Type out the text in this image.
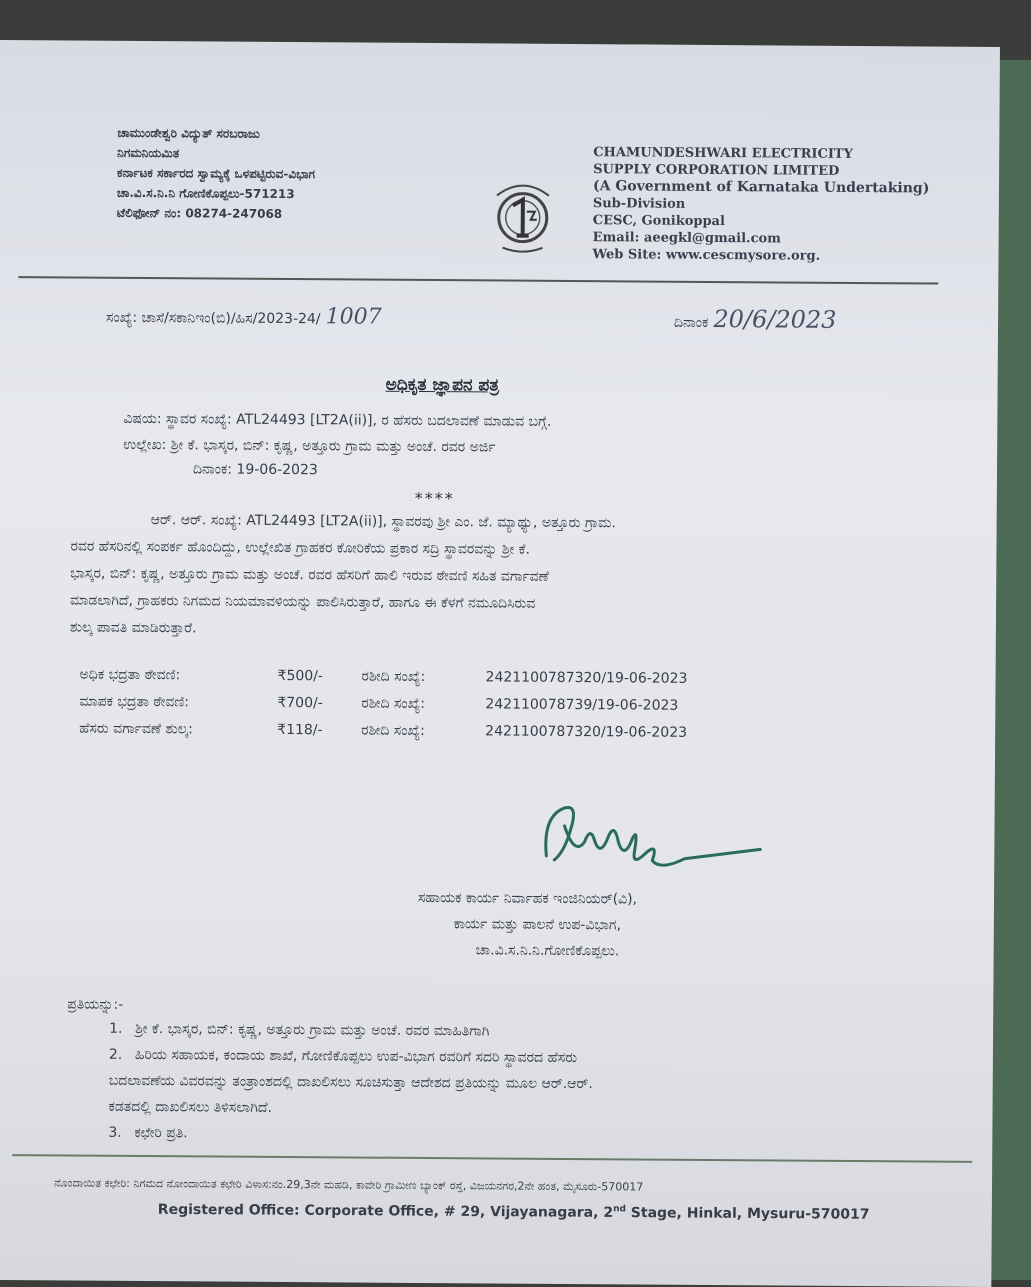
ಚಾಮುಂಡೇಶ್ವರಿ ವಿದ್ಯುತ್ ಸರಬರಾಜು
ನಿಗಮನಿಯಮಿತ
ಕರ್ನಾಟಕ ಸರ್ಕಾರದ ಸ್ವಾಮ್ಯಕ್ಕೆ ಒಳಪಟ್ಟಿರುವ-ವಿಭಾಗ
ಚಾ.ವಿ.ಸ.ನಿ.ನಿ ಗೋಣಿಕೊಪ್ಪಲು-571213
ಟೆಲಿಫೋನ್ ನಂ: 08274-247068
CHAMUNDESHWARI ELECTRICITY
SUPPLY CORPORATION LIMITED
(A Government of Karnataka Undertaking)
Sub-Division
CESC, Gonikoppal
Email: aeegkl@gmail.com
Web Site: www.cescmysore.org.
ಸಂಖ್ಯೆ: ಚಾಸೆ/ಸಕಾನಿಇಂ(ಬಿ)/ಹಿಸ/2023-24/ 1007	ದಿನಾಂಕ 20/6/2023
ಅಧಿಕೃತ ಜ್ಞಾಪನ ಪತ್ರ
ವಿಷಯ: ಸ್ಥಾವರ ಸಂಖ್ಯೆ: ATL24493 [LT2A(ii)], ರ ಹೆಸರು ಬದಲಾವಣೆ ಮಾಡುವ ಬಗ್ಗೆ.
ಉಲ್ಲೇಖ: ಶ್ರೀ ಕೆ. ಭಾಸ್ಕರ, ಬಿನ್: ಕೃಷ್ಣ, ಅತ್ತೂರು ಗ್ರಾಮ ಮತ್ತು ಅಂಚೆ. ರವರ ಅರ್ಜಿ
ದಿನಾಂಕ: 19-06-2023
****
ಆರ್. ಆರ್. ಸಂಖ್ಯೆ: ATL24493 [LT2A(ii)], ಸ್ಥಾವರವು ಶ್ರೀ ಎಂ. ಜೆ. ಮ್ಯಾಥ್ಯು, ಅತ್ತೂರು ಗ್ರಾಮ.
ರವರ ಹೆಸರಿನಲ್ಲಿ ಸಂಪರ್ಕ ಹೊಂದಿದ್ದು, ಉಲ್ಲೇಖಿತ ಗ್ರಾಹಕರ ಕೋರಿಕೆಯ ಪ್ರಕಾರ ಸದ್ರಿ ಸ್ಥಾವರವನ್ನು ಶ್ರೀ ಕೆ.
ಭಾಸ್ಕರ, ಬಿನ್: ಕೃಷ್ಣ, ಅತ್ತೂರು ಗ್ರಾಮ ಮತ್ತು ಅಂಚೆ. ರವರ ಹೆಸರಿಗೆ ಹಾಲಿ ಇರುವ ಠೇವಣಿ ಸಹಿತ ವರ್ಗಾವಣೆ
ಮಾಡಲಾಗಿದೆ, ಗ್ರಾಹಕರು ನಿಗಮದ ನಿಯಮಾವಳಿಯನ್ನು ಪಾಲಿಸಿರುತ್ತಾರೆ, ಹಾಗೂ ಈ ಕೆಳಗೆ ನಮೂದಿಸಿರುವ
ಶುಲ್ಕ ಪಾವತಿ ಮಾಡಿರುತ್ತಾರೆ.
ಅಧಿಕ ಭದ್ರತಾ ಠೇವಣಿ:	₹500/-	ರಶೀದಿ ಸಂಖ್ಯೆ:	2421100787320/19-06-2023
ಮಾಪಕ ಭದ್ರತಾ ಠೇವಣಿ:	₹700/-	ರಶೀದಿ ಸಂಖ್ಯೆ:	242110078739/19-06-2023
ಹೆಸರು ವರ್ಗಾವಣೆ ಶುಲ್ಕ:	₹118/-	ರಶೀದಿ ಸಂಖ್ಯೆ:	2421100787320/19-06-2023
ಸಹಾಯಕ ಕಾರ್ಯ ನಿರ್ವಾಹಕ ಇಂಜಿನಿಯರ್(ವಿ),
ಕಾರ್ಯ ಮತ್ತು ಪಾಲನೆ ಉಪ-ವಿಭಾಗ,
ಚಾ.ವಿ.ಸ.ನಿ.ನಿ.ಗೋಣಿಕೊಪ್ಪಲು.
ಪ್ರತಿಯನ್ನು:-
1. ಶ್ರೀ ಕೆ. ಭಾಸ್ಕರ, ಬಿನ್: ಕೃಷ್ಣ, ಅತ್ತೂರು ಗ್ರಾಮ ಮತ್ತು ಅಂಚೆ. ರವರ ಮಾಹಿತಿಗಾಗಿ
2. ಹಿರಿಯ ಸಹಾಯಕ, ಕಂದಾಯ ಶಾಖೆ, ಗೋಣಿಕೊಪ್ಪಲು ಉಪ-ವಿಭಾಗ ರವರಿಗೆ ಸದರಿ ಸ್ಥಾವರದ ಹೆಸರು
ಬದಲಾವಣೆಯ ವಿವರವನ್ನು ತಂತ್ರಾಂಶದಲ್ಲಿ ದಾಖಲಿಸಲು ಸೂಚಿಸುತ್ತಾ ಆದೇಶದ ಪ್ರತಿಯನ್ನು ಮೂಲ ಆರ್.ಆರ್.
ಕಡತದಲ್ಲಿ ದಾಖಲಿಸಲು ತಿಳಿಸಲಾಗಿದೆ.
3. ಕಛೇರಿ ಪ್ರತಿ.
ನೊಂದಾಯಿತ ಕಛೇರಿ: ನಿಗಮದ ನೋಂದಾಯಿತ ಕಛೇರಿ ವಿಳಾಸ:ನಂ.29,3ನೇ ಮಹಡಿ, ಕಾವೇರಿ ಗ್ರಾಮೀಣ ಬ್ಯಾಂಕ್ ರಸ್ತೆ, ವಿಜಯನಗರ,2ನೇ ಹಂತ, ಮೈಸೂರು-570017
Registered Office: Corporate Office, # 29, Vijayanagara, 2nd Stage, Hinkal, Mysuru-570017
